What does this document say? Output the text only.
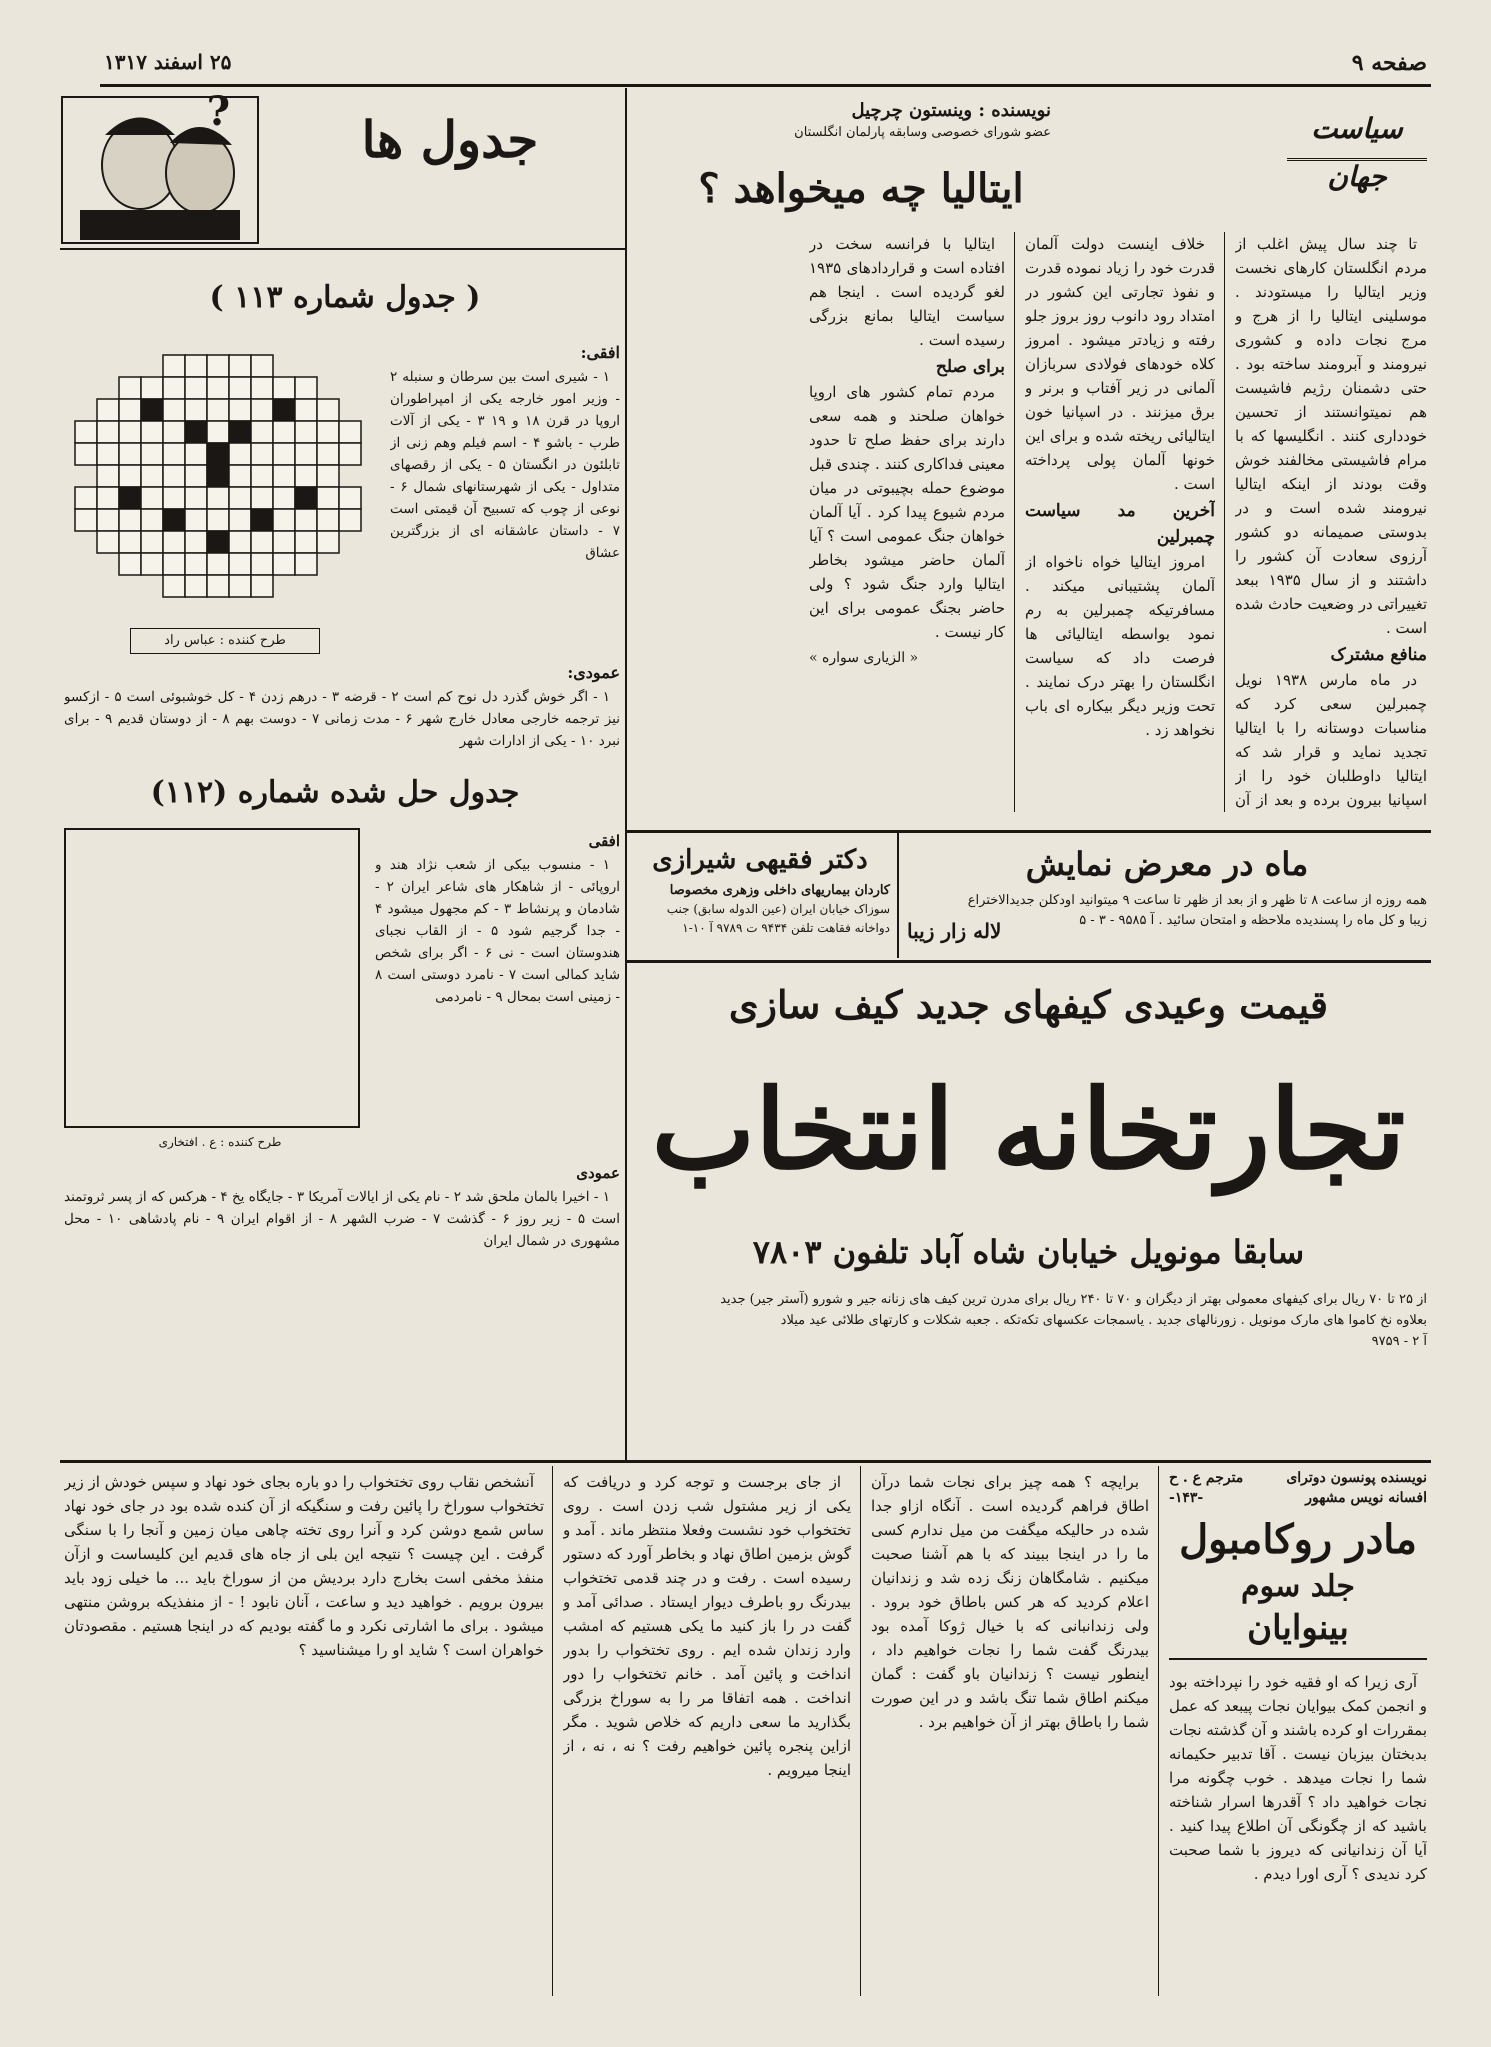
صفحه ۹
۲۵ اسفند ۱۳۱۷
سیاست جهان
نویسنده : وینستون چرچیل
عضو شورای خصوصی وسابقه پارلمان انگلستان
ایتالیا چه میخواهد ؟

تا چند سال پیش اغلب از مردم انگلستان کارهای نخست وزیر ایتالیا را میستودند . موسلینی ایتالیا را از هرج و مرج نجات داده و کشوری نیرومند و آبرومند ساخته بود . حتی دشمنان رژیم فاشیست هم نمیتوانستند از تحسین خودداری کنند . انگلیسها که با مرام فاشیستی مخالفند خوش وقت بودند از اینکه ایتالیا نیرومند شده است و در بدوستی صمیمانه دو کشور آرزوی سعادت آن کشور را داشتند و از سال ۱۹۳۵ ببعد تغییراتی در وضعیت حادث شده است .

منافع مشترک

در ماه مارس ۱۹۳۸ نویل چمبرلین سعی کرد که مناسبات دوستانه را با ایتالیا تجدید نماید و قرار شد که ایتالیا داوطلبان خود را از اسپانیا بیرون برده و بعد از آن

خلاف اینست دولت آلمان قدرت خود را زیاد نموده قدرت و نفوذ تجارتی این کشور در امتداد رود دانوب روز بروز جلو رفته و زیادتر میشود . امروز کلاه خودهای فولادی سربازان آلمانی در زیر آفتاب و برنر و برق میزنند . در اسپانیا خون ایتالیائی ریخته شده و برای این خونها آلمان پولی پرداخته است .

آخرین مد سیاست چمبرلین

امروز ایتالیا خواه ناخواه از آلمان پشتیبانی میکند . مسافرتیکه چمبرلین به رم نمود بواسطه ایتالیائی ها فرصت داد که سیاست انگلستان را بهتر درک نمایند . تحت وزیر دیگر بیکاره ای باب نخواهد زد .

ایتالیا با فرانسه سخت در افتاده است و قراردادهای ۱۹۳۵ لغو گردیده است . اینجا هم سیاست ایتالیا بمانع بزرگی رسیده است .

برای صلح

مردم تمام کشور های اروپا خواهان صلحند و همه سعی دارند برای حفظ صلح تا حدود معینی فداکاری کنند . چندی قبل موضوع حمله بچیبوتی در میان مردم شیوع پیدا کرد . آیا آلمان خواهان جنگ عمومی است ؟ آیا آلمان حاضر میشود بخاطر ایتالیا وارد جنگ شود ؟ ولی حاضر بجنگ عمومی برای این کار نیست .

« الزیاری سواره »
ماه در معرض نمایش
همه روزه از ساعت ۸ تا ظهر و از بعد از ظهر تا ساعت ۹ میتوانید اودکلن جدیدالاختراع
زیبا و کل ماه را پسندیده ملاحظه و امتحان سائید . آ ۹۵۸۵ - ۳ - ۵
لاله زار زیبا
دکتر فقیهی شیرازی
کاردان بیماریهای داخلی وزهری مخصوصا
سوزاک خیابان ایران (عین الدوله سابق) جنب
دواخانه فقاهت تلفن ۹۴۳۴ ت ۹۷۸۹ آ ۱۰-۱
قیمت وعیدی کیفهای جدید کیف سازی
تجارتخانه انتخاب
سابقا مونویل خیابان شاه آباد تلفون ۷۸۰۳
از ۲۵ تا ۷۰ ریال برای کیفهای معمولی بهتر از دیگران و ۷۰ تا ۲۴۰ ریال برای مدرن ترین کیف های زنانه جیر و شورو (آستر جیر) جدید
بعلاوه نخ کاموا های مارک مونویل . زورنالهای جدید . یاسمجات عکسهای تکه‌تکه . جعبه شکلات و کارتهای طلائی عید میلاد
آ ۲ - ۹۷۵۹
?	جدول ها
( جدول شماره ۱۱۳ )
طرح کننده : عباس راد
افقی:

۱ - شیری است بین سرطان و سنبله ۲ - وزیر امور خارجه یکی از امپراطوران اروپا در قرن ۱۸ و ۱۹ ۳ - یکی از آلات طرب - باشو ۴ - اسم فیلم وهم زنی از تابلئون در انگستان ۵ - یکی از رقصهای متداول - یکی از شهرستانهای شمال ۶ - نوعی از چوب که تسبیح آن قیمتی است ۷ - داستان عاشقانه ای از بزرگترین عشاق

عمودی:

۱ - اگر خوش گذرد دل نوح کم است ۲ - قرضه ۳ - درهم زدن ۴ - کل خوشبوئی است ۵ - ازکسو نیز ترجمه خارجی معادل خارج شهر ۶ - مدت زمانی ۷ - دوست بهم ۸ - از دوستان قدیم ۹ - برای نبرد ۱۰ - یکی از ادارات شهر

جدول حل شده شماره (۱۱۲)
طرح کننده : ع . افتخاری
افقی

۱ - منسوب بیکی از شعب نژاد هند و اروپائی - از شاهکار های شاعر ایران ۲ - شادمان و پرنشاط ۳ - کم مجهول میشود ۴ - جدا گرجیم شود ۵ - از القاب نجبای هندوستان است - نی ۶ - اگر برای شخص شاید کمالی است ۷ - نامرد دوستی است ۸ - زمینی است بمحال ۹ - نامردمی

عمودی

۱ - اخیرا بالمان ملحق شد ۲ - نام یکی از ایالات آمریکا ۳ - جایگاه یخ ۴ - هرکس که از پسر ثروتمند است ۵ - زیر روز ۶ - گذشت ۷ - ضرب الشهر ۸ - از اقوام ایران ۹ - نام پادشاهی ۱۰ - محل مشهوری در شمال ایران

نویسنده پونسون دوترای
مترجم ع . ح
افسانه نویس مشهور
-۱۴۳-
مادر روکامبول
جلد سوم
بینوایان

آری زیرا که او فقیه خود را نپرداخته بود و انجمن کمک بیوایان نجات پیبعد که عمل بمقررات او کرده باشند و آن گذشته نجات بدبختان بیزبان نیست . آقا تدبیر حکیمانه شما را نجات میدهد . خوب چگونه مرا نجات خواهید داد ؟ آقدرها اسرار شناخته باشید که از چگونگی آن اطلاع پیدا کنید . آیا آن زندانیانی که دیروز با شما صحبت کرد ندیدی ؟ آری اورا دیدم .

برایچه ؟ همه چیز برای نجات شما درآن اطاق فراهم گردیده است . آنگاه ازاو جدا شده در حالیکه میگفت من میل ندارم کسی ما را در اینجا ببیند که با هم آشنا صحبت میکنیم . شامگاهان زنگ زده شد و زندانیان اعلام کردید که هر کس باطاق خود برود . ولی زندانبانی که با خیال ژوکا آمده بود بیدرنگ گفت شما را نجات خواهیم داد ، اینطور نیست ؟ زندانیان باو گفت : گمان میکنم اطاق شما تنگ باشد و در این صورت شما را باطاق بهتر از آن خواهیم برد .

از جای برجست و توجه کرد و دریافت که یکی از زیر مشتول شب زدن است . روی تختخواب خود نشست وفعلا منتظر ماند . آمد و گوش بزمین اطاق نهاد و بخاطر آورد که دستور رسیده است . رفت و در چند قدمی تختخواب بیدرنگ رو باطرف دیوار ایستاد . صدائی آمد و گفت در را باز کنید ما یکی هستیم که امشب وارد زندان شده ایم . روی تختخواب را بدور انداخت و پائین آمد . خانم تختخواب را دور انداخت . همه اتفاقا مر را به سوراخ بزرگی بگذارید ما سعی داریم که خلاص شوید . مگر ازاین پنجره پائین خواهیم رفت ؟ نه ، نه ، از اینجا میرویم .

آنشخص نقاب روی تختخواب را دو باره بجای خود نهاد و سپس خودش از زیر تختخواب سوراخ را پائین رفت و سنگیکه از آن کنده شده بود در جای خود نهاد ساس شمع دوشن کرد و آنرا روی تخته چاهی میان زمین و آنجا را با سنگی گرفت . این چیست ؟ نتیجه این بلی از جاه های قدیم این کلیساست و ازآن منفذ مخفی است بخارج دارد بردیش من از سوراخ باید ... ما خیلی زود باید بیرون برویم . خواهید دید و ساعت ، آنان نابود ! - از منفذیکه بروشن منتهی میشود . برای ما اشارتی نکرد و ما گفته بودیم که در اینجا هستیم . مقصودتان خواهران است ؟ شاید او را میشناسید ؟
